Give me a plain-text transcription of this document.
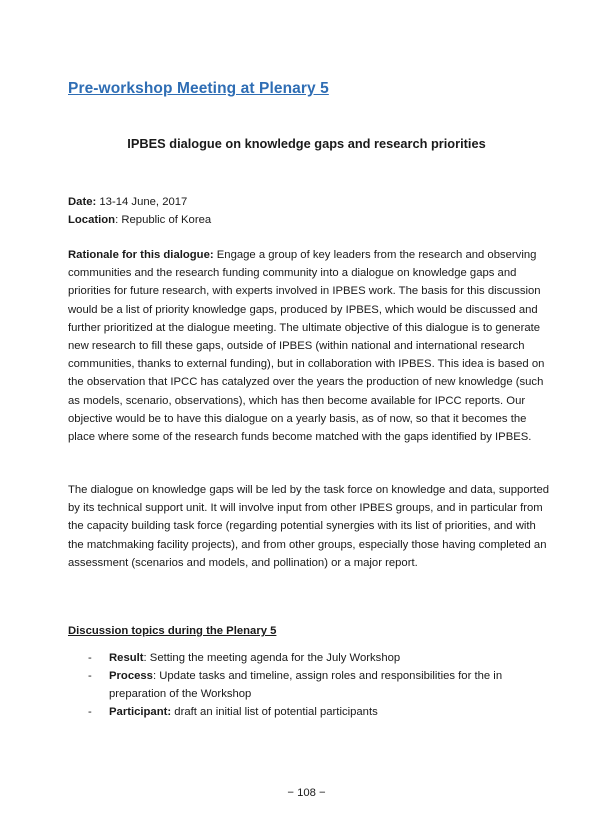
Pre-workshop Meeting at Plenary 5
IPBES dialogue on knowledge gaps and research priorities
Date: 13-14 June, 2017
Location: Republic of Korea
Rationale for this dialogue: Engage a group of key leaders from the research and observing communities and the research funding community into a dialogue on knowledge gaps and priorities for future research, with experts involved in IPBES work. The basis for this discussion would be a list of priority knowledge gaps, produced by IPBES, which would be discussed and further prioritized at the dialogue meeting. The ultimate objective of this dialogue is to generate new research to fill these gaps, outside of IPBES (within national and international research communities, thanks to external funding), but in collaboration with IPBES. This idea is based on the observation that IPCC has catalyzed over the years the production of new knowledge (such as models, scenario, observations), which has then become available for IPCC reports. Our objective would be to have this dialogue on a yearly basis, as of now, so that it becomes the place where some of the research funds become matched with the gaps identified by IPBES.
The dialogue on knowledge gaps will be led by the task force on knowledge and data, supported by its technical support unit. It will involve input from other IPBES groups, and in particular from the capacity building task force (regarding potential synergies with its list of priorities, and with the matchmaking facility projects), and from other groups, especially those having completed an assessment (scenarios and models, and pollination) or a major report.
Discussion topics during the Plenary 5
- Result: Setting the meeting agenda for the July Workshop
- Process: Update tasks and timeline, assign roles and responsibilities for the in preparation of the Workshop
- Participant: draft an initial list of potential participants
− 108 −
